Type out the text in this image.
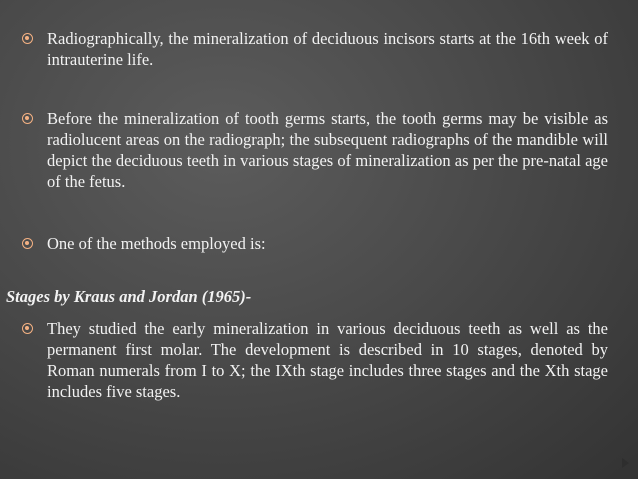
Radiographically, the mineralization of deciduous incisors starts at the 16th week of intrauterine life.
Before the mineralization of tooth germs starts, the tooth germs may be visible as radiolucent areas on the radiograph; the subsequent radiographs of the mandible will depict the deciduous teeth in various stages of mineralization as per the pre-natal age of the fetus.
One of the methods employed is:
Stages by Kraus and Jordan (1965)-
They studied the early mineralization in various deciduous teeth as well as the permanent first molar. The development is described in 10 stages, denoted by Roman numerals from I to X; the IXth stage includes three stages and the Xth stage includes five stages.
